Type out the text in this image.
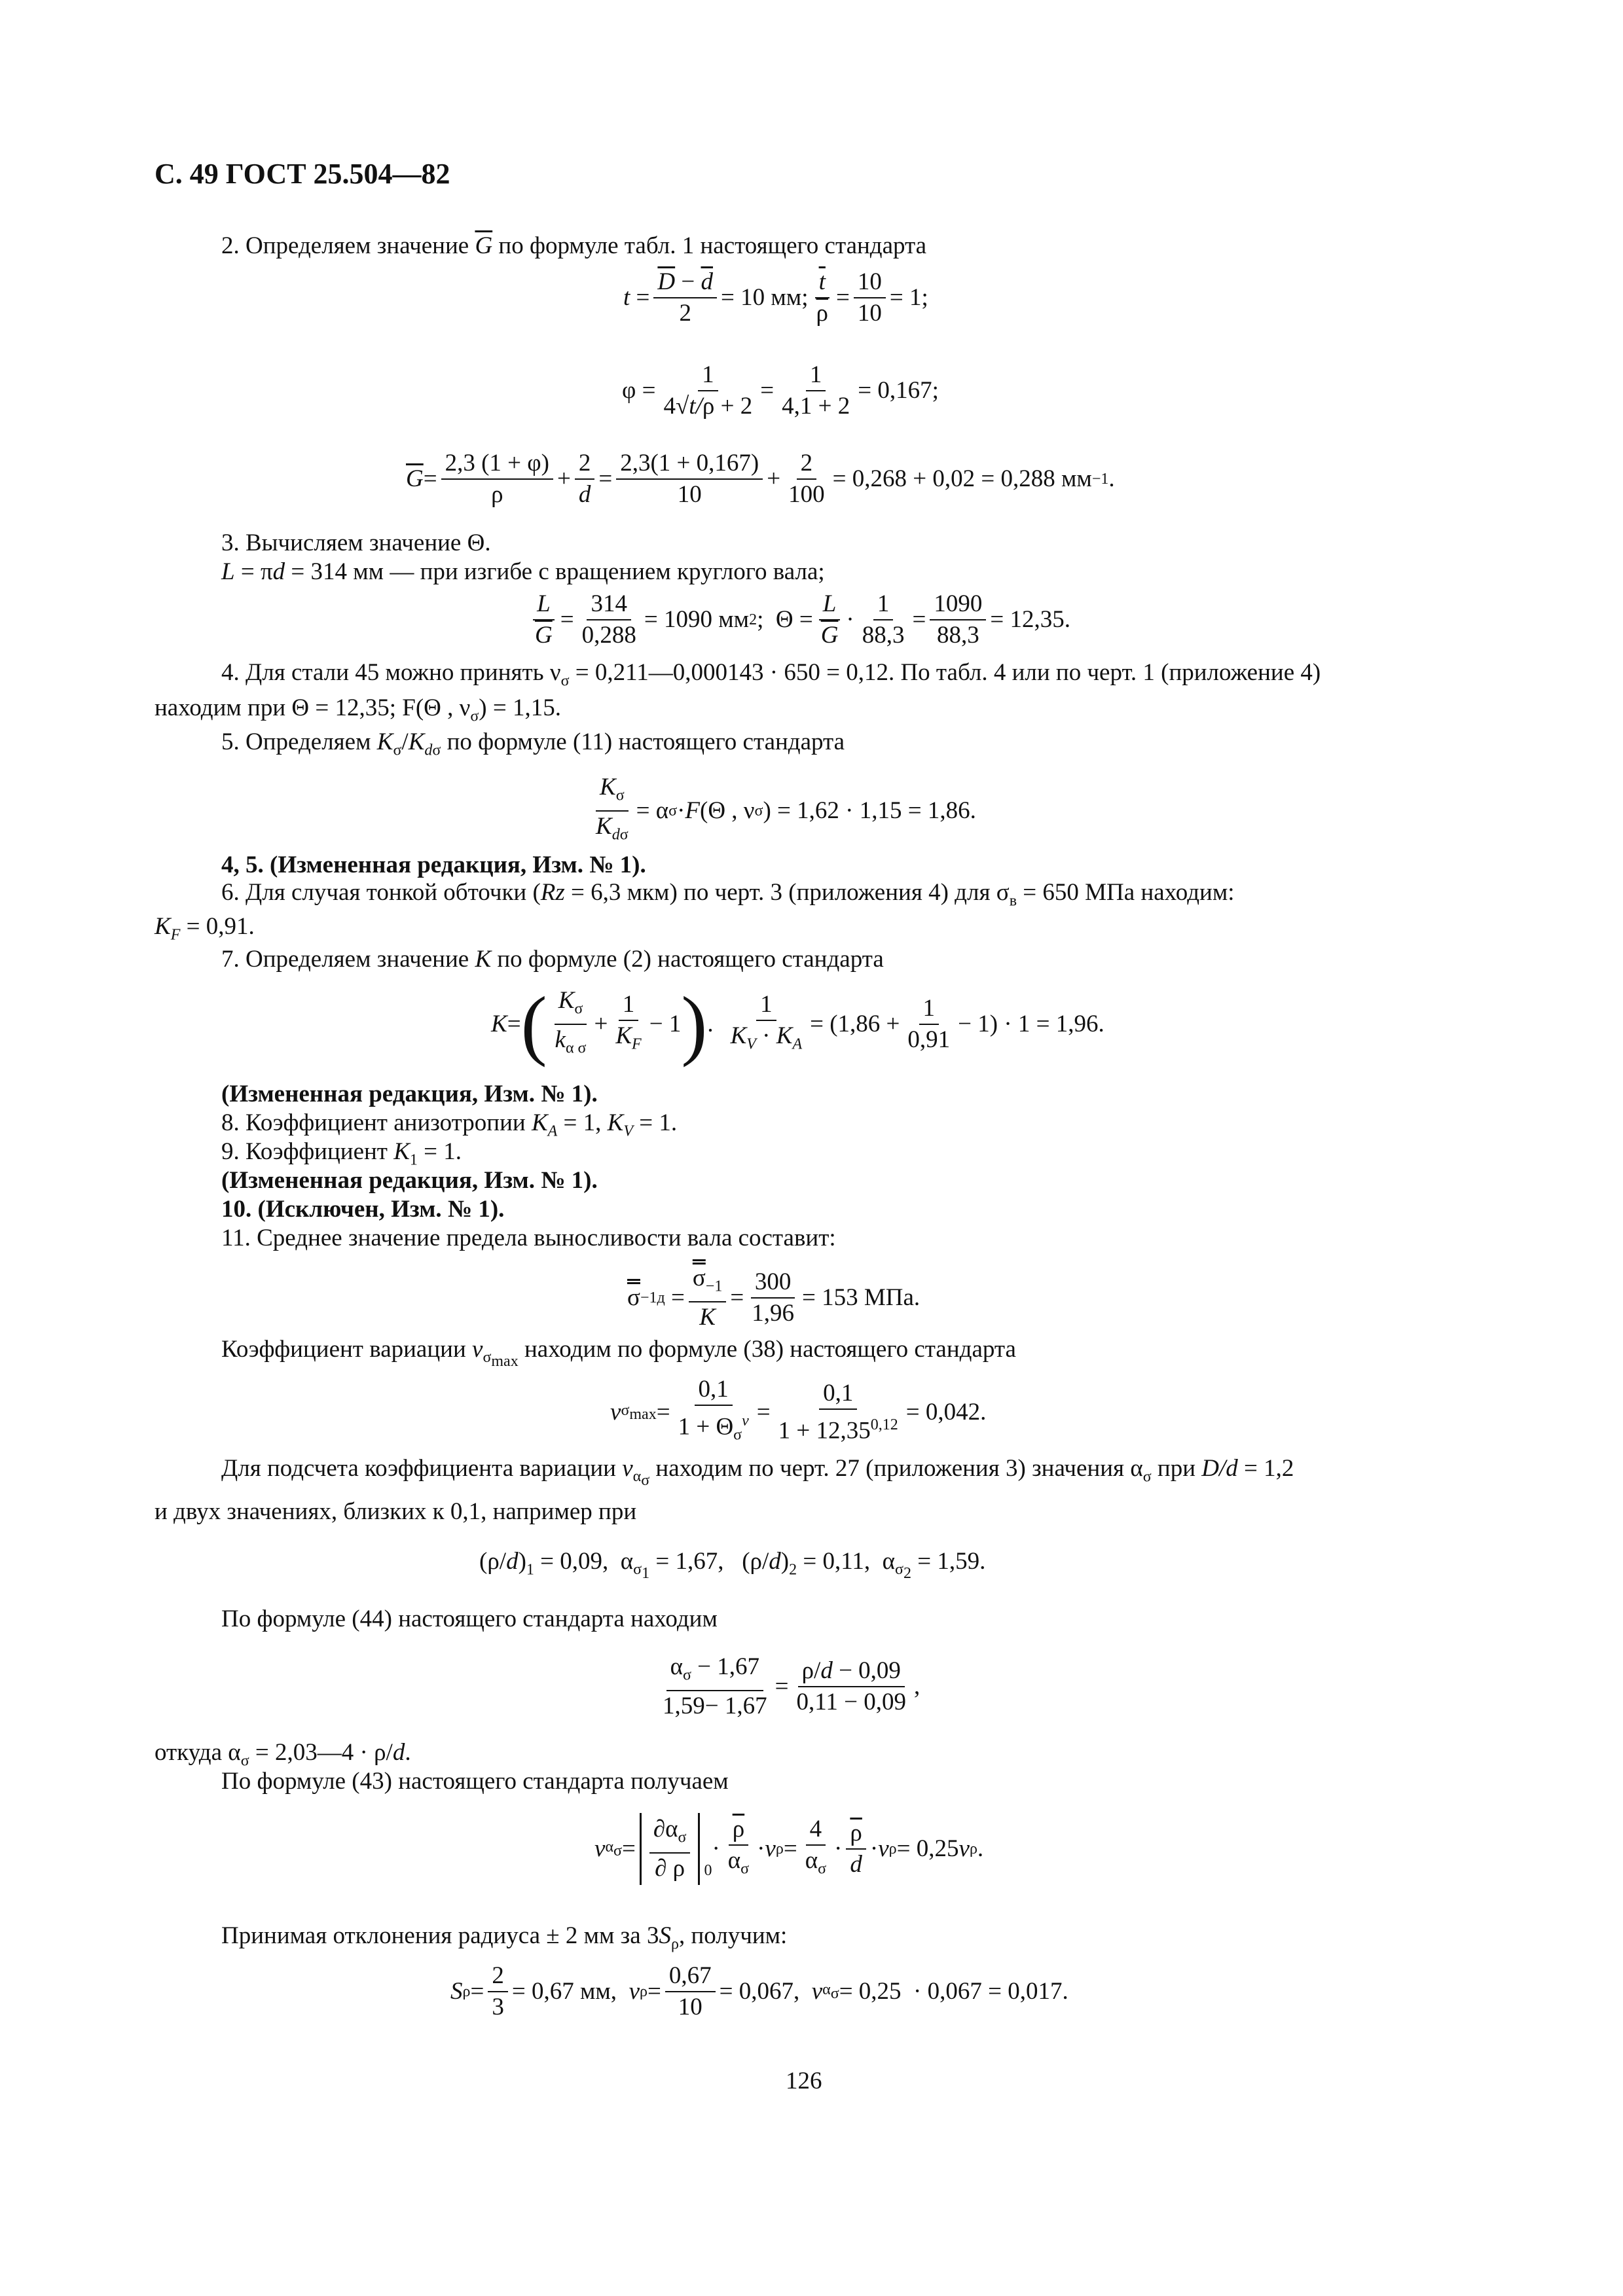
С. 49 ГОСТ 25.504—82
2. Определяем значение $\overline{G}$ по формуле табл. 1 настоящего стандарта
t =
$\overline{D} - \overline{d}$
2
= 10 мм;
$\overline{t}$
$\overline{\rho}$
=
10
10
= 1;
φ =
1
4√t/ρ + 2
=
1
4,1 + 2
= 0,167;
$\overline{G}$ =
2,3 (1 + φ)
ρ
+
2
d
=
2,3(1 + 0,167)
10
+
2
100
= 0,268 + 0,02 = 0,288 мм −1 .
3. Вычисляем значение Θ.
L = πd = 314 мм — при изгибе с вращением круглого вала;
L
$\overline{G}$
=
314
0,288
= 1090 мм 2 ;  Θ =
L
$\overline{G}$
·
1
88,3
=
1090
88,3
= 12,35.
4. Для стали 45 можно принять $\nu_\sigma$ = 0,211—0,000143 · 650 = 0,12. По табл. 4 или по черт. 1 (приложение 4)
находим при Θ = 12,35; F(Θ , $\nu_\sigma) = 1,15$.
5. Определяем $K_\sigma/K_{d\sigma}$ по формуле (11) настоящего стандарта
$K_\sigma$
$K_{d\sigma}$
= α σ · F (Θ , ν σ ) = 1,62 · 1,15 = 1,86.
4, 5. (Измененная редакция, Изм. № 1).
6. Для случая тонкой обточки (Rz = 6,3 мкм) по черт. 3 (приложения 4) для $\sigma_в = 650$ МПа находим:
$K_F = 0,91$.
7. Определяем значение K по формуле (2) настоящего стандарта
K = ( $K_\sigma$
$k_{\alpha \sigma}$
+
1
$K_F$
− 1 ) .
1
$K_V \cdot K_A$
= (1,86 +
1
0,91
− 1) · 1 = 1,96.
(Измененная редакция, Изм. № 1).
8. Коэффициент анизотропии $K_A = 1$, $K_V = 1$.
9. Коэффициент $K_1 = 1$.
(Измененная редакция, Изм. № 1).
10. (Исключен, Изм. № 1).
11. Среднее значение предела выносливости вала составит:
σ −1д =
$\sigma_{-1}$
K
=
300
1,96
= 153 МПа.
Коэффициент вариации $v_{\sigma_{max}}$ находим по формуле (38) настоящего стандарта
v $\sigma_{max}$ =
0,1
$1 + \Theta_\sigma^\nu$ =
0,1
$1 + 12,35^{0,12} = 0,042$.
Для подсчета коэффициента вариации $v_{\alpha_\sigma}$ находим по черт. 27 (приложения 3) значения $\alpha_\sigma$ при D/d = 1,2
и двух значениях, близких к 0,1, например при
$(\rho/d)_1 = 0,09$,  $\alpha_{\sigma_1} = 1,67$,   $(\rho/d)_2 = 0,11$,  $\alpha_{\sigma_2} = 1,59$.
По формуле (44) настоящего стандарта находим
$\alpha_\sigma - 1,67$
1,59− 1,67
=
ρ/d − 0,09
0,11 − 0,09
,
откуда $\alpha_\sigma$ = 2,03—4 · ρ/d.
По формуле (43) настоящего стандарта получаем
v $\alpha_\sigma$ =
$\partial\alpha_\sigma$
∂ ρ $_0$
·
$\overline{\rho}$
$\alpha_\sigma$
· v ρ =
4
$\alpha_\sigma$
·
$\overline{\rho}$
d
· v ρ = 0,25 v ρ .
Принимая отклонения радиуса ± 2 мм за $3S_\rho$, получим:
S ρ =
2
3
= 0,67 мм, v ρ =
0,67
10
= 0,067, v $\alpha_\sigma = 0,25 \cdot 0,067 = 0,017$.
126
